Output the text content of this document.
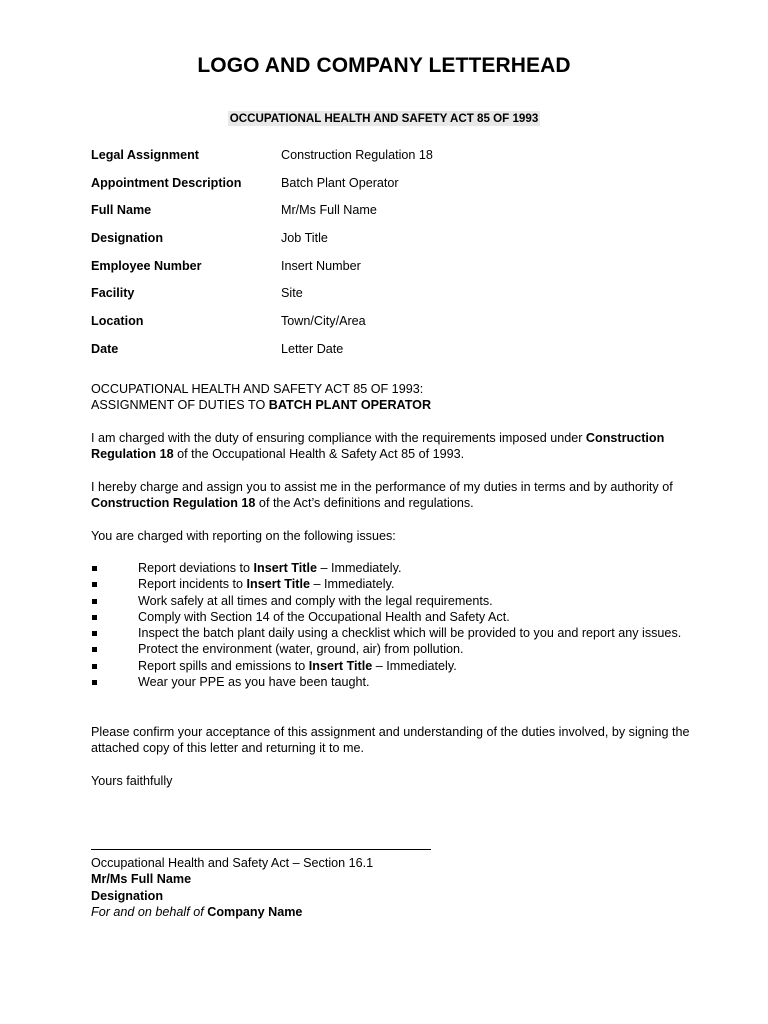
LOGO AND COMPANY LETTERHEAD
OCCUPATIONAL HEALTH AND SAFETY ACT 85 OF 1993
Legal Assignment	Construction Regulation 18
Appointment Description	Batch Plant Operator
Full Name	Mr/Ms Full Name
Designation	Job Title
Employee Number	Insert Number
Facility	Site
Location	Town/City/Area
Date	Letter Date
OCCUPATIONAL HEALTH AND SAFETY ACT 85 OF 1993:
ASSIGNMENT OF DUTIES TO BATCH PLANT OPERATOR
I am charged with the duty of ensuring compliance with the requirements imposed under Construction Regulation 18 of the Occupational Health & Safety Act 85 of 1993.
I hereby charge and assign you to assist me in the performance of my duties in terms and by authority of Construction Regulation 18 of the Act’s definitions and regulations.
You are charged with reporting on the following issues:
Report deviations to Insert Title – Immediately.
Report incidents to Insert Title – Immediately.
Work safely at all times and comply with the legal requirements.
Comply with Section 14 of the Occupational Health and Safety Act.
Inspect the batch plant daily using a checklist which will be provided to you and report any issues.
Protect the environment (water, ground, air) from pollution.
Report spills and emissions to Insert Title – Immediately.
Wear your PPE as you have been taught.
Please confirm your acceptance of this assignment and understanding of the duties involved, by signing the attached copy of this letter and returning it to me.
Yours faithfully
Occupational Health and Safety Act – Section 16.1
Mr/Ms Full Name
Designation
For and on behalf of Company Name
